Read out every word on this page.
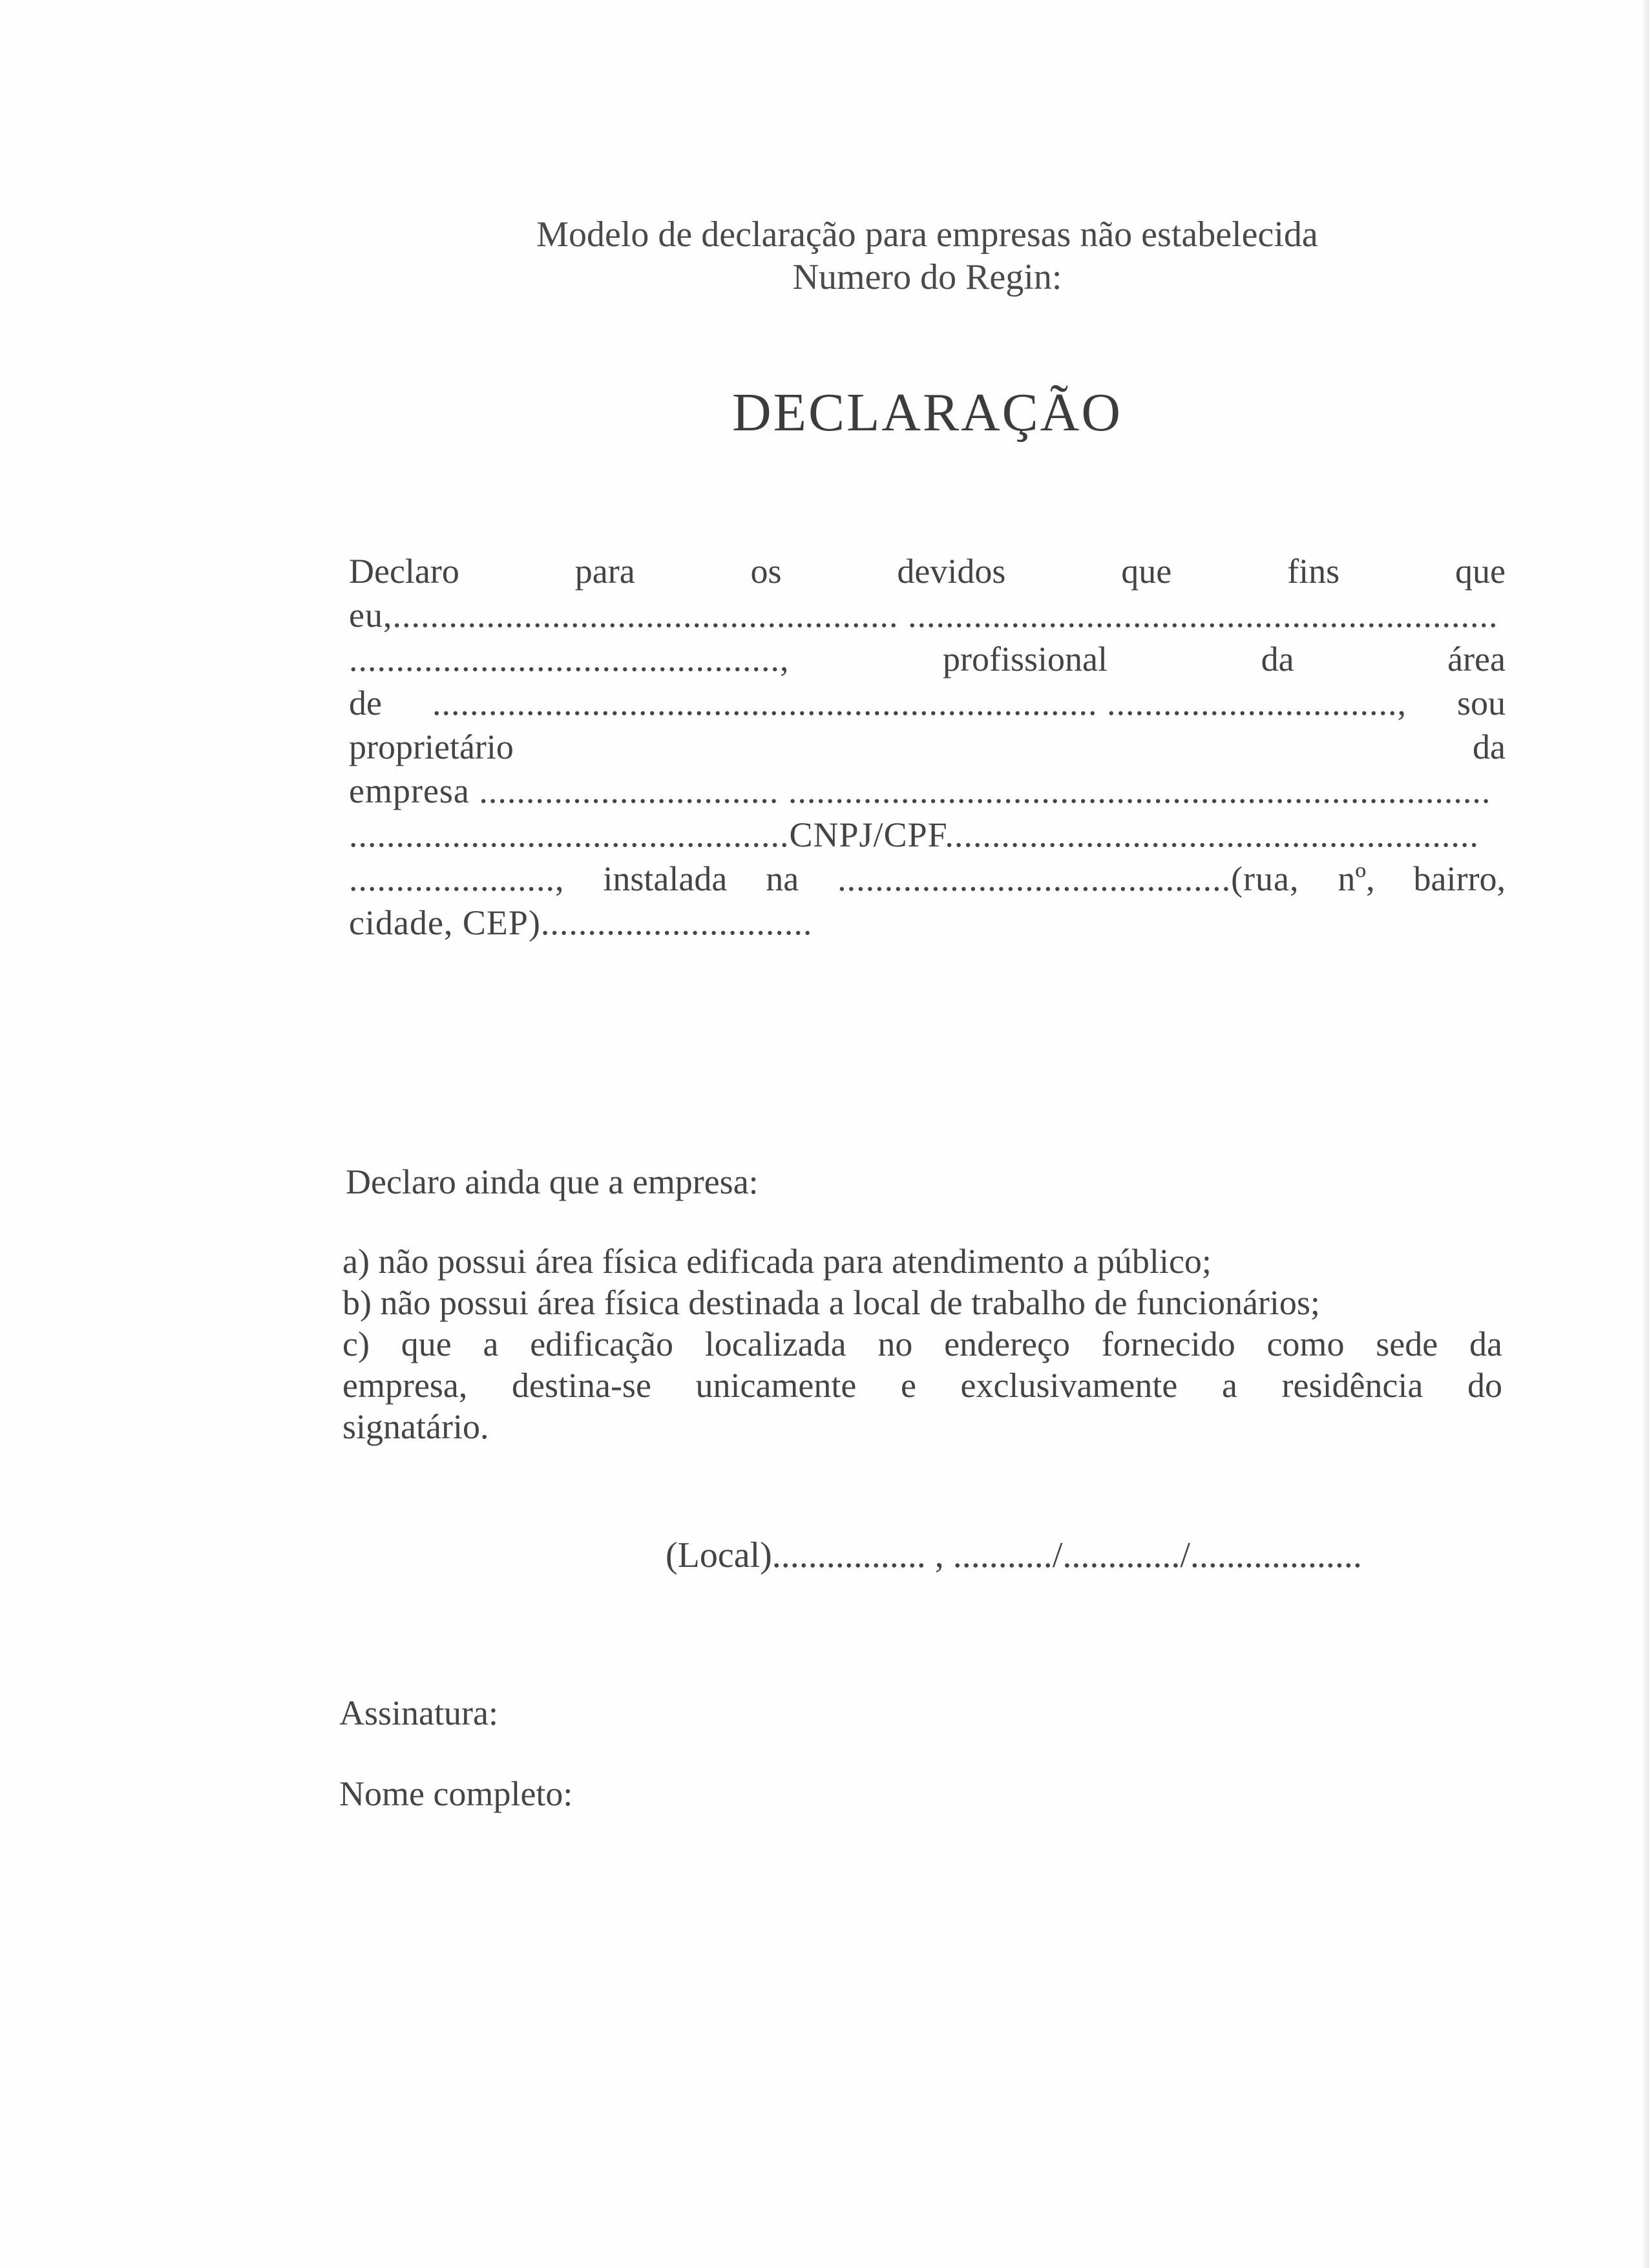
Modelo de declaração para empresas não estabelecida
Numero do Regin:
DECLARAÇÃO
Declaro	para	os	devidos	que	fins	que
eu,...................................................... ...............................................................
..............................................,	profissional	da	área
de ....................................................................... ..............................., sou
proprietário	da
empresa ................................ ...........................................................................
...............................................CNPJ/CPF.........................................................
......................, instalada na ..........................................(rua, nº, bairro,
cidade, CEP).............................
Declaro ainda que a empresa:
a) não possui área física edificada para atendimento a público;
b) não possui área física destinada a local de trabalho de funcionários;
c) que a edificação localizada no endereço fornecido como sede da
empresa, destina-se unicamente e exclusivamente a residência do
signatário.
(Local)................. , .........../............./...................
Assinatura:
Nome completo:
